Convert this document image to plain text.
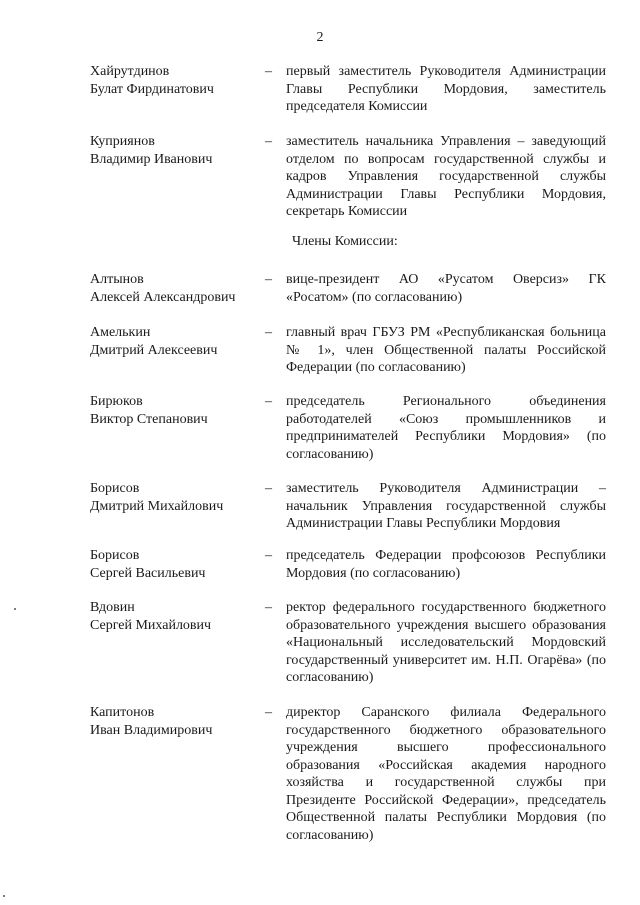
2
Хайрутдинов
Булат Фирдинатович
– первый заместитель Руководителя Администрации Главы Республики Мордовия, заместитель председателя Комиссии
Куприянов
Владимир Иванович
– заместитель начальника Управления – заведующий отделом по вопросам государственной службы и кадров Управления государственной службы Администрации Главы Республики Мордовия, секретарь Комиссии
Члены Комиссии:
Алтынов
Алексей Александрович
– вице-президент АО «Русатом Оверсиз» ГК «Росатом» (по согласованию)
Амелькин
Дмитрий Алексеевич
– главный врач ГБУЗ РМ «Республиканская больница № 1», член Общественной палаты Российской Федерации (по согласованию)
Бирюков
Виктор Степанович
– председатель Регионального объединения работодателей «Союз промышленников и предпринимателей Республики Мордовия» (по согласованию)
Борисов
Дмитрий Михайлович
– заместитель Руководителя Администрации – начальник Управления государственной службы Администрации Главы Республики Мордовия
Борисов
Сергей Васильевич
– председатель Федерации профсоюзов Республики Мордовия (по согласованию)
Вдовин
Сергей Михайлович
– ректор федерального государственного бюджетного образовательного учреждения высшего образования «Национальный исследовательский Мордовский государственный университет им. Н.П. Огарёва» (по согласованию)
Капитонов
Иван Владимирович
– директор Саранского филиала Федерального государственного бюджетного образовательного учреждения высшего профессионального образования «Российская академия народного хозяйства и государственной службы при Президенте Российской Федерации», председатель Общественной палаты Республики Мордовия (по согласованию)
